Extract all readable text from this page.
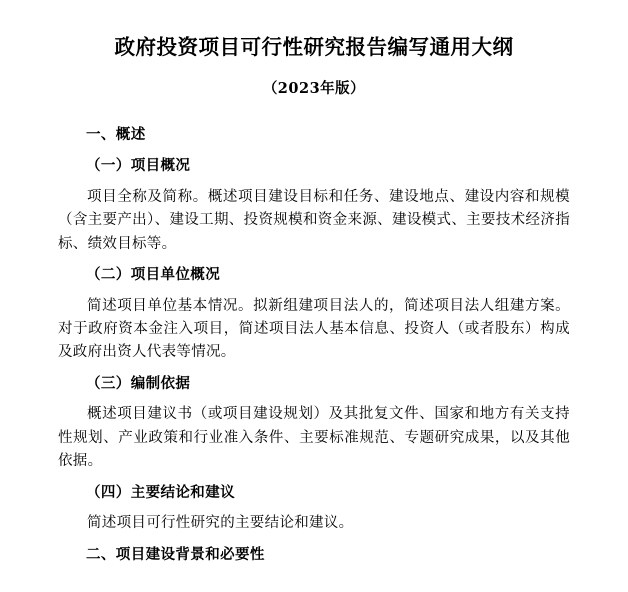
政府投资项目可行性研究报告编写通用大纲
（2023年版）
一、概述
（一）项目概况

项目全称及简称。概述项目建设目标和任务、建设地点、建设内容和规模（含主要产出）、建设工期、投资规模和资金来源、建设模式、主要技术经济指标、绩效目标等。

（二）项目单位概况

简述项目单位基本情况。拟新组建项目法人的，简述项目法人组建方案。对于政府资本金注入项目，简述项目法人基本信息、投资人（或者股东）构成及政府出资人代表等情况。

（三）编制依据

概述项目建议书（或项目建设规划）及其批复文件、国家和地方有关支持性规划、产业政策和行业准入条件、主要标准规范、专题研究成果，以及其他依据。

（四）主要结论和建议

简述项目可行性研究的主要结论和建议。

二、项目建设背景和必要性
